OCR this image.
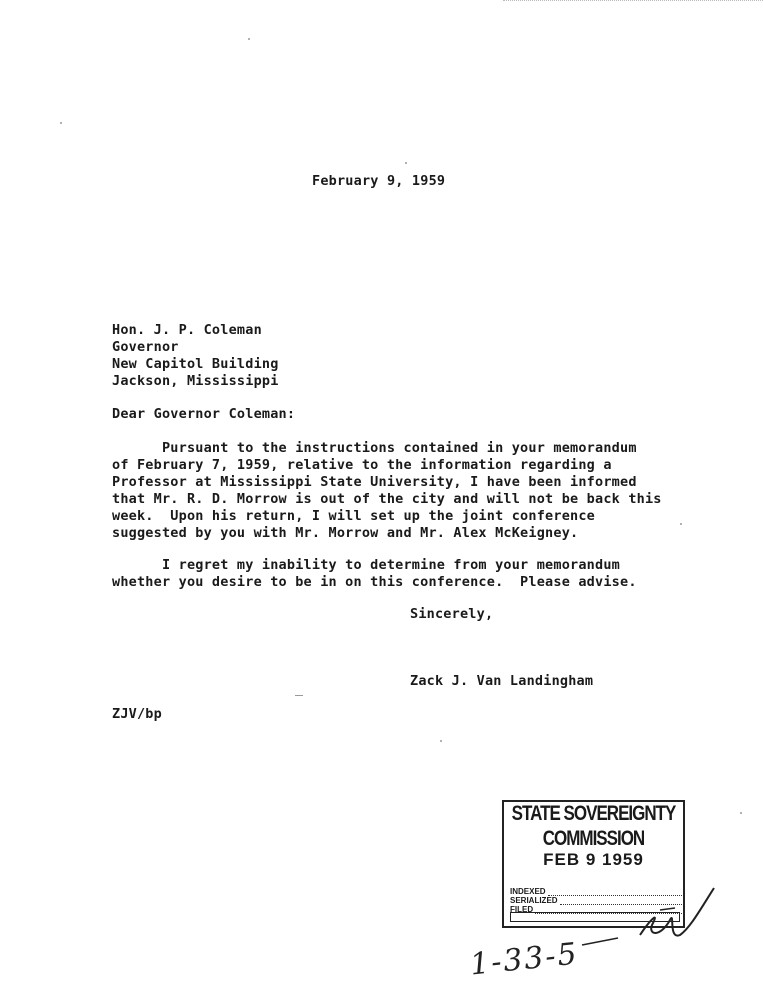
February 9, 1959
Hon. J. P. Coleman
Governor
New Capitol Building
Jackson, Mississippi
Dear Governor Coleman:
Pursuant to the instructions contained in your memorandum
of February 7, 1959, relative to the information regarding a
Professor at Mississippi State University, I have been informed
that Mr. R. D. Morrow is out of the city and will not be back this
week.  Upon his return, I will set up the joint conference
suggested by you with Mr. Morrow and Mr. Alex McKeigney.
I regret my inability to determine from your memorandum
whether you desire to be in on this conference.  Please advise.
Sincerely,
Zack J. Van Landingham
ZJV/bp
STATE SOVEREIGNTY COMMISSION
FEB 9 1959
INDEXED
SERIALIZED
FILED
1-33-5
